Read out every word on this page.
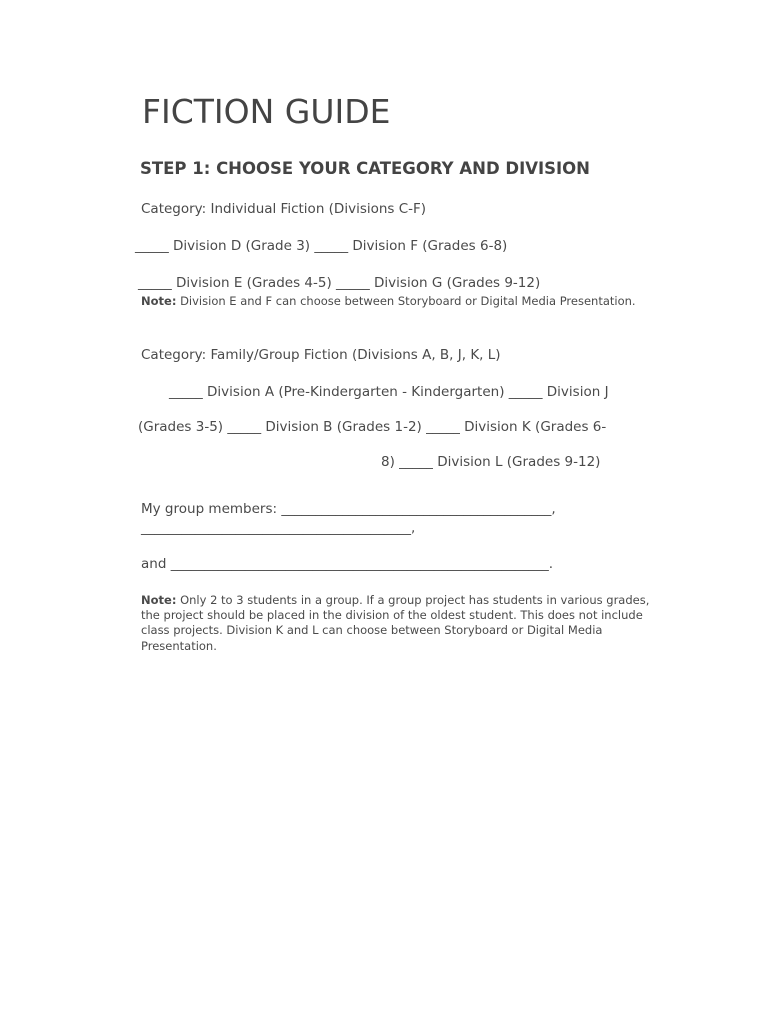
FICTION GUIDE
STEP 1: CHOOSE YOUR CATEGORY AND DIVISION
Category: Individual Fiction (Divisions C-F)
_____ Division D (Grade 3) _____ Division F (Grades 6-8)
_____ Division E (Grades 4-5) _____ Division G (Grades 9-12)
Note: Division E and F can choose between Storyboard or Digital Media Presentation.
Category: Family/Group Fiction (Divisions A, B, J, K, L)
_____ Division A (Pre-Kindergarten - Kindergarten) _____ Division J
(Grades 3-5) _____ Division B (Grades 1-2) _____ Division K (Grades 6-
8) _____ Division L (Grades 9-12)
My group members: ________________________________________,
________________________________________,
and ________________________________________________________.
Note: Only 2 to 3 students in a group. If a group project has students in various grades, the project should be placed in the division of the oldest student. This does not include class projects. Division K and L can choose between Storyboard or Digital Media Presentation.
